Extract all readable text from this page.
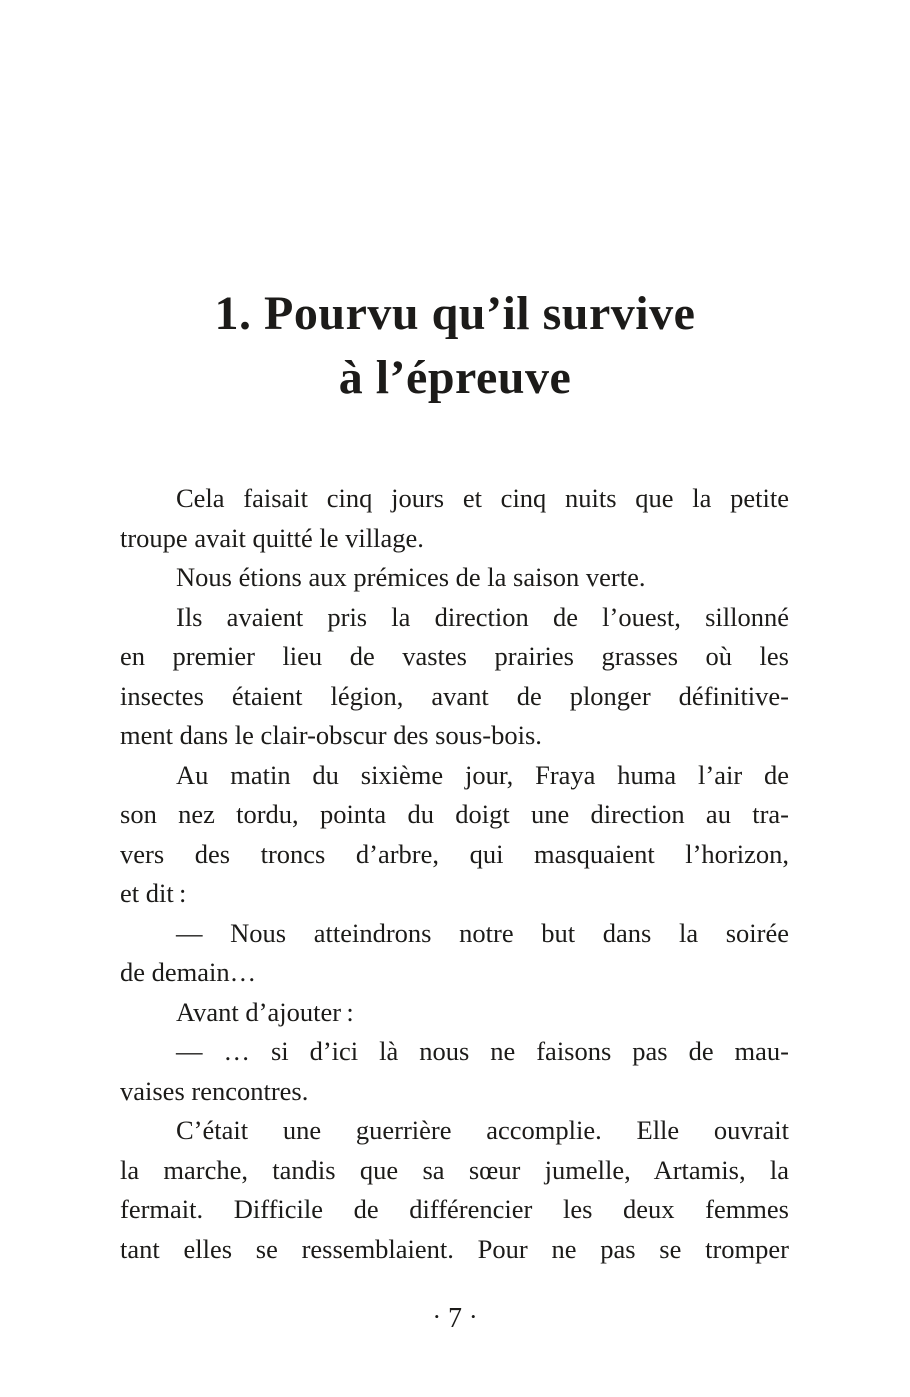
1. Pourvu qu’il survive
à l’épreuve
Cela faisait cinq jours et cinq nuits que la petite
troupe avait quitté le village.
Nous étions aux prémices de la saison verte.
Ils avaient pris la direction de l’ouest, sillonné
en premier lieu de vastes prairies grasses où les
insectes étaient légion, avant de plonger définitive-
ment dans le clair-obscur des sous-bois.
Au matin du sixième jour, Fraya huma l’air de
son nez tordu, pointa du doigt une direction au tra-
vers des troncs d’arbre, qui masquaient l’horizon,
et dit :
— Nous atteindrons notre but dans la soirée
de demain…
Avant d’ajouter :
— … si d’ici là nous ne faisons pas de mau-
vaises rencontres.
C’était une guerrière accomplie. Elle ouvrait
la marche, tandis que sa sœur jumelle, Artamis, la
fermait. Difficile de différencier les deux femmes
tant elles se ressemblaient. Pour ne pas se tromper
• 7 •
